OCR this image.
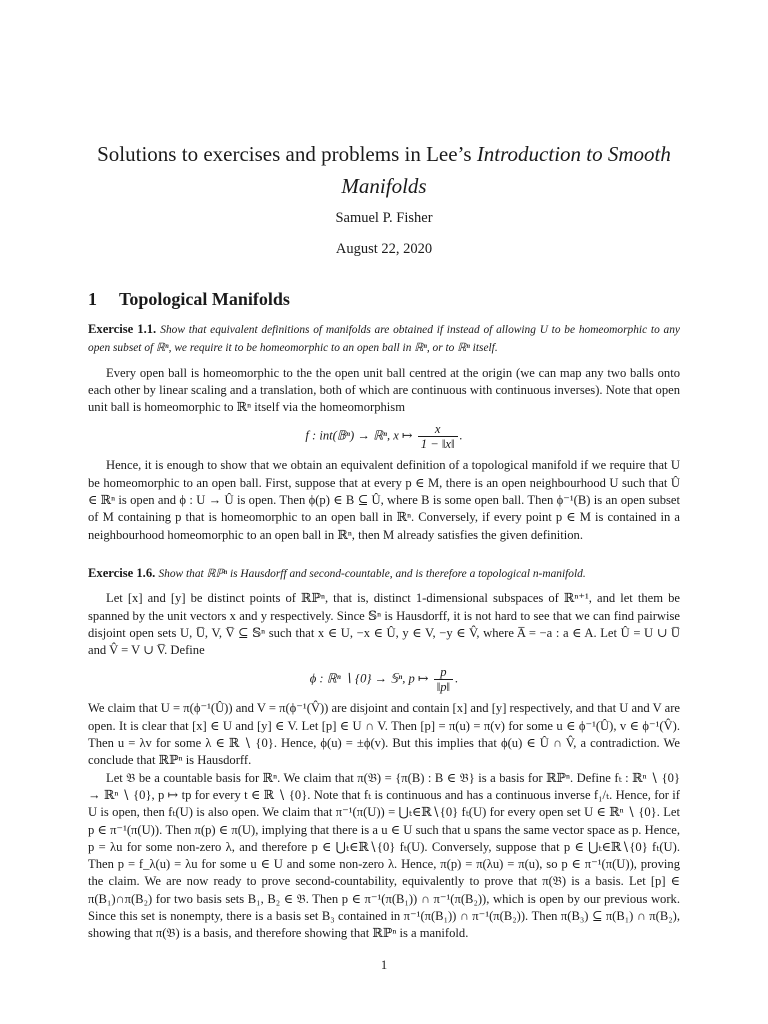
Solutions to exercises and problems in Lee’s Introduction to Smooth Manifolds
Samuel P. Fisher
August 22, 2020
1 Topological Manifolds

Exercise 1.1. Show that equivalent definitions of manifolds are obtained if instead of allowing U to be homeomorphic to any open subset of ℝⁿ, we require it to be homeomorphic to an open ball in ℝⁿ, or to ℝⁿ itself.

Every open ball is homeomorphic to the the open unit ball centred at the origin (we can map any two balls onto each other by linear scaling and a translation, both of which are continuous with continuous inverses). Note that open unit ball is homeomorphic to ℝⁿ itself via the homeomorphism

f : int(𝔹ⁿ) → ℝⁿ, x ↦ $\frac{x}{1 - ‖x‖}$ .

Hence, it is enough to show that we obtain an equivalent definition of a topological manifold if we require that U be homeomorphic to an open ball. First, suppose that at every p ∈ M, there is an open neighbourhood U such that Û ∈ ℝⁿ is open and ϕ : U → Û is open. Then ϕ(p) ∈ B ⊆ Û, where B is some open ball. Then ϕ⁻¹(B) is an open subset of M containing p that is homeomorphic to an open ball in ℝⁿ. Conversely, if every point p ∈ M is contained in a neighbourhood homeomorphic to an open ball in ℝⁿ, then M already satisfies the given definition.

Exercise 1.6. Show that ℝℙⁿ is Hausdorff and second-countable, and is therefore a topological n-manifold.

Let [x] and [y] be distinct points of ℝℙⁿ, that is, distinct 1-dimensional subspaces of ℝⁿ⁺¹, and let them be spanned by the unit vectors x and y respectively. Since 𝕊ⁿ is Hausdorff, it is not hard to see that we can find pairwise disjoint open sets U, U̅, V, V̅ ⊆ 𝕊ⁿ such that x ∈ U, −x ∈ Û, y ∈ V, −y ∈ V̂, where A̅ = −a : a ∈ A. Let Û = U ∪ U̅ and V̂ = V ∪ V̅. Define

ϕ : ℝⁿ ∖ {0} → 𝕊ⁿ, p ↦ $\frac{p}{‖p‖}$ .

We claim that U = π(ϕ⁻¹(Û)) and V = π(ϕ⁻¹(V̂)) are disjoint and contain [x] and [y] respectively, and that U and V are open. It is clear that [x] ∈ U and [y] ∈ V. Let [p] ∈ U ∩ V. Then [p] = π(u) = π(v) for some u ∈ ϕ⁻¹(Û), v ∈ ϕ⁻¹(V̂). Then u = λv for some λ ∈ ℝ ∖ {0}. Hence, ϕ(u) = ±ϕ(v). But this implies that ϕ(u) ∈ Û ∩ V̂, a contradiction. We conclude that ℝℙⁿ is Hausdorff.

Let 𝔅 be a countable basis for ℝⁿ. We claim that π(𝔅) = {π(B) : B ∈ 𝔅} is a basis for ℝℙⁿ. Define fₜ : ℝⁿ ∖ {0} → ℝⁿ ∖ {0}, p ↦ tp for every t ∈ ℝ ∖ {0}. Note that fₜ is continuous and has a continuous inverse f₁/ₜ. Hence, for if U is open, then fₜ(U) is also open. We claim that π⁻¹(π(U)) = ⋃ₜ∈ℝ∖{0} fₜ(U) for every open set U ∈ ℝⁿ ∖ {0}. Let p ∈ π⁻¹(π(U)). Then π(p) ∈ π(U), implying that there is a u ∈ U such that u spans the same vector space as p. Hence, p = λu for some non-zero λ, and therefore p ∈ ⋃ₜ∈ℝ∖{0} fₜ(U). Conversely, suppose that p ∈ ⋃ₜ∈ℝ∖{0} fₜ(U). Then p = f_λ(u) = λu for some u ∈ U and some non-zero λ. Hence, π(p) = π(λu) = π(u), so p ∈ π⁻¹(π(U)), proving the claim. We are now ready to prove second-countability, equivalently to prove that π(𝔅) is a basis. Let [p] ∈ π(B₁)∩π(B₂) for two basis sets B₁, B₂ ∈ 𝔅. Then p ∈ π⁻¹(π(B₁)) ∩ π⁻¹(π(B₂)), which is open by our previous work. Since this set is nonempty, there is a basis set B₃ contained in π⁻¹(π(B₁)) ∩ π⁻¹(π(B₂)). Then π(B₃) ⊆ π(B₁) ∩ π(B₂), showing that π(𝔅) is a basis, and therefore showing that ℝℙⁿ is a manifold.

1
